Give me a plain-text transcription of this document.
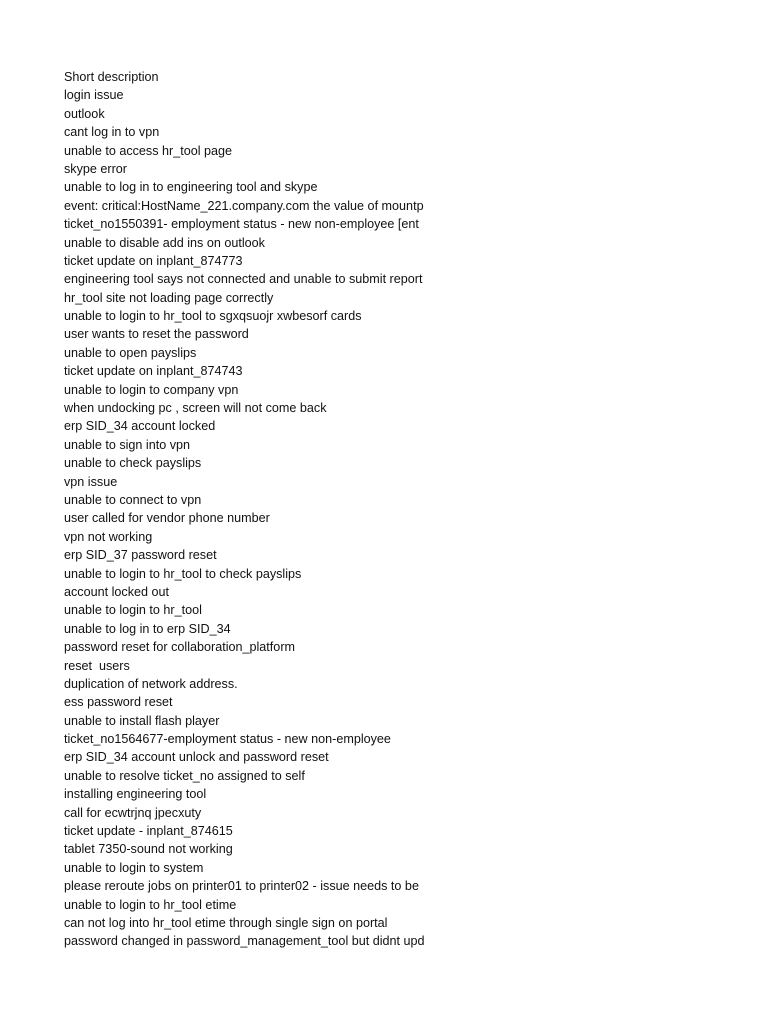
Short description
login issue
outlook
cant log in to vpn
unable to access hr_tool page
skype error
unable to log in to engineering tool and skype
event: critical:HostName_221.company.com the value of mountp
ticket_no1550391- employment status - new non-employee [ent
unable to disable add ins on outlook
ticket update on inplant_874773
engineering tool says not connected and unable to submit report
hr_tool site not loading page correctly
unable to login to hr_tool to sgxqsuojr xwbesorf cards
user wants to reset the password
unable to open payslips
ticket update on inplant_874743
unable to login to company vpn
when undocking pc , screen will not come back
erp SID_34 account locked
unable to sign into vpn
unable to check payslips
vpn issue
unable to connect to vpn
user called for vendor phone number
vpn not working
erp SID_37 password reset
unable to login to hr_tool to check payslips
account locked out
unable to login to hr_tool
unable to log in to erp SID_34
password reset for collaboration_platform
reset  users
duplication of network address.
ess password reset
unable to install flash player
ticket_no1564677-employment status - new non-employee
erp SID_34 account unlock and password reset
unable to resolve ticket_no assigned to self
installing engineering tool
call for ecwtrjnq jpecxuty
ticket update - inplant_874615
tablet 7350-sound not working
unable to login to system
please reroute jobs on printer01 to printer02 - issue needs to be
unable to login to hr_tool etime
can not log into hr_tool etime through single sign on portal
password changed in password_management_tool but didnt upd
